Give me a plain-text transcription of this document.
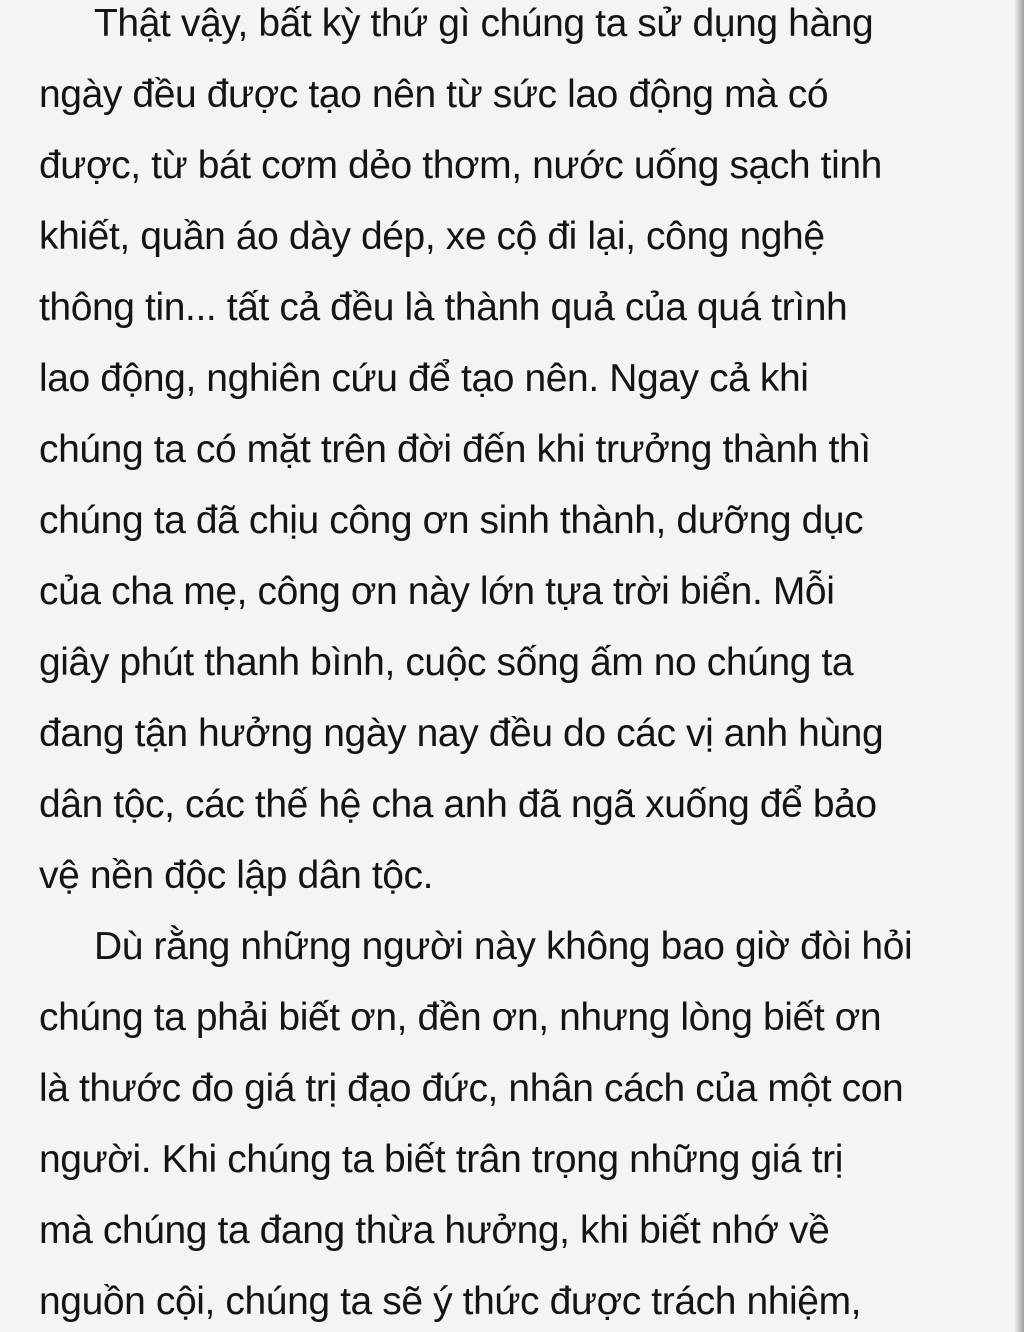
Thật vậy, bất kỳ thứ gì chúng ta sử dụng hàng
ngày đều được tạo nên từ sức lao động mà có
được, từ bát cơm dẻo thơm, nước uống sạch tinh
khiết, quần áo dày dép, xe cộ đi lại, công nghệ
thông tin... tất cả đều là thành quả của quá trình
lao động, nghiên cứu để tạo nên. Ngay cả khi
chúng ta có mặt trên đời đến khi trưởng thành thì
chúng ta đã chịu công ơn sinh thành, dưỡng dục
của cha mẹ, công ơn này lớn tựa trời biển. Mỗi
giây phút thanh bình, cuộc sống ấm no chúng ta
đang tận hưởng ngày nay đều do các vị anh hùng
dân tộc, các thế hệ cha anh đã ngã xuống để bảo
vệ nền độc lập dân tộc.
Dù rằng những người này không bao giờ đòi hỏi
chúng ta phải biết ơn, đền ơn, nhưng lòng biết ơn
là thước đo giá trị đạo đức, nhân cách của một con
người. Khi chúng ta biết trân trọng những giá trị
mà chúng ta đang thừa hưởng, khi biết nhớ về
nguồn cội, chúng ta sẽ ý thức được trách nhiệm,
